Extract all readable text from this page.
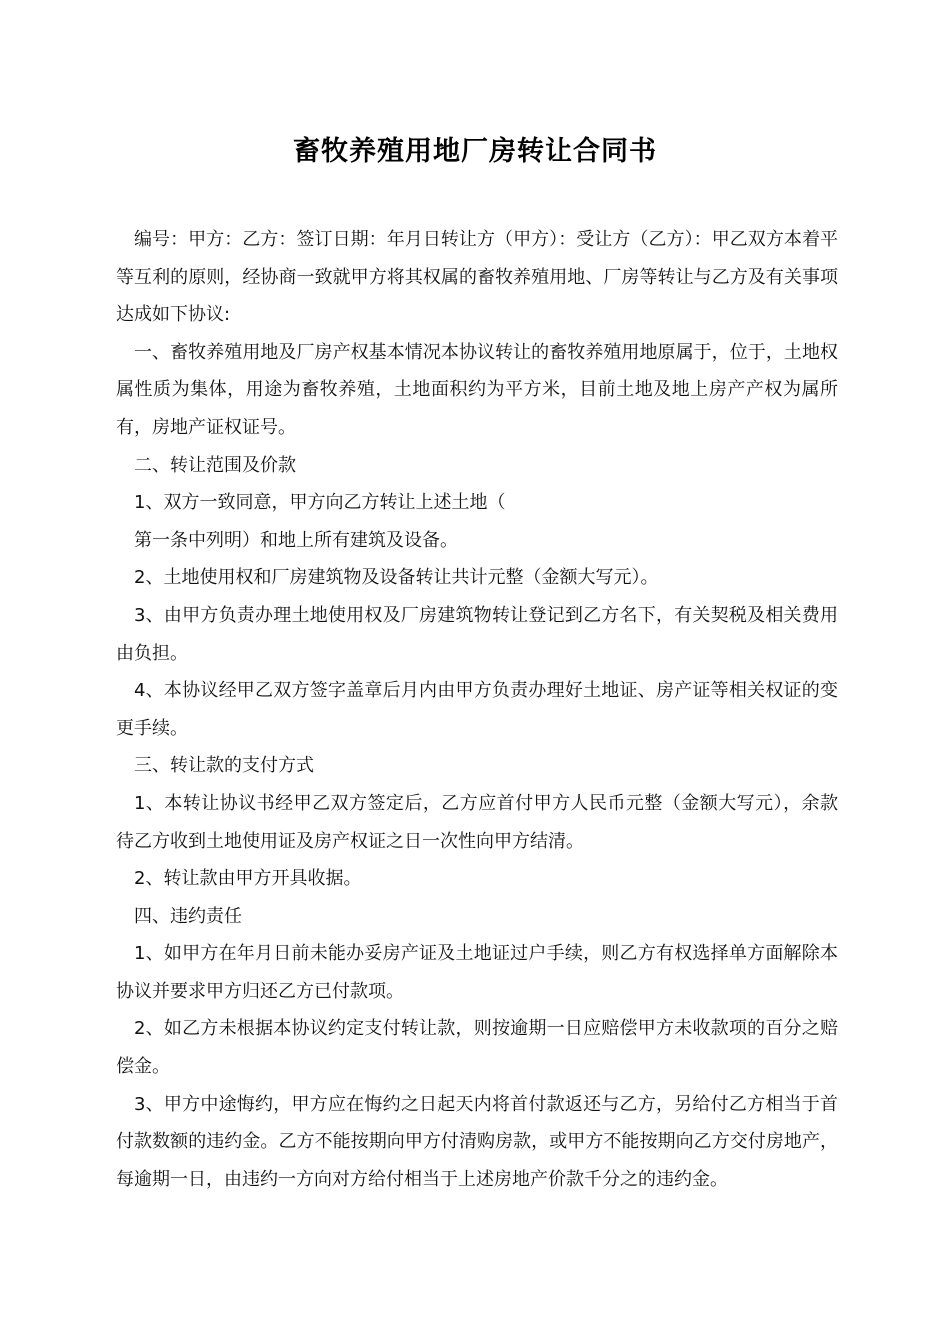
畜牧养殖用地厂房转让合同书

编号：甲方：乙方：签订日期：年月日转让方（甲方）：受让方（乙方）：甲乙双方本着平等互利的原则，经协商一致就甲方将其权属的畜牧养殖用地、厂房等转让与乙方及有关事项达成如下协议:

一、畜牧养殖用地及厂房产权基本情况本协议转让的畜牧养殖用地原属于，位于，土地权属性质为集体，用途为畜牧养殖，土地面积约为平方米，目前土地及地上房产产权为属所有，房地产证权证号。

二、转让范围及价款

1、双方一致同意，甲方向乙方转让上述土地（

第一条中列明）和地上所有建筑及设备。

2、土地使用权和厂房建筑物及设备转让共计元整（金额大写元）。

3、由甲方负责办理土地使用权及厂房建筑物转让登记到乙方名下，有关契税及相关费用由负担。

4、本协议经甲乙双方签字盖章后月内由甲方负责办理好土地证、房产证等相关权证的变更手续。

三、转让款的支付方式

1、本转让协议书经甲乙双方签定后，乙方应首付甲方人民币元整（金额大写元），余款待乙方收到土地使用证及房产权证之日一次性向甲方结清。

2、转让款由甲方开具收据。

四、违约责任

1、如甲方在年月日前未能办妥房产证及土地证过户手续，则乙方有权选择单方面解除本协议并要求甲方归还乙方已付款项。

2、如乙方未根据本协议约定支付转让款，则按逾期一日应赔偿甲方未收款项的百分之赔偿金。

3、甲方中途悔约，甲方应在悔约之日起天内将首付款返还与乙方，另给付乙方相当于首付款数额的违约金。乙方不能按期向甲方付清购房款，或甲方不能按期向乙方交付房地产，每逾期一日，由违约一方向对方给付相当于上述房地产价款千分之的违约金。
